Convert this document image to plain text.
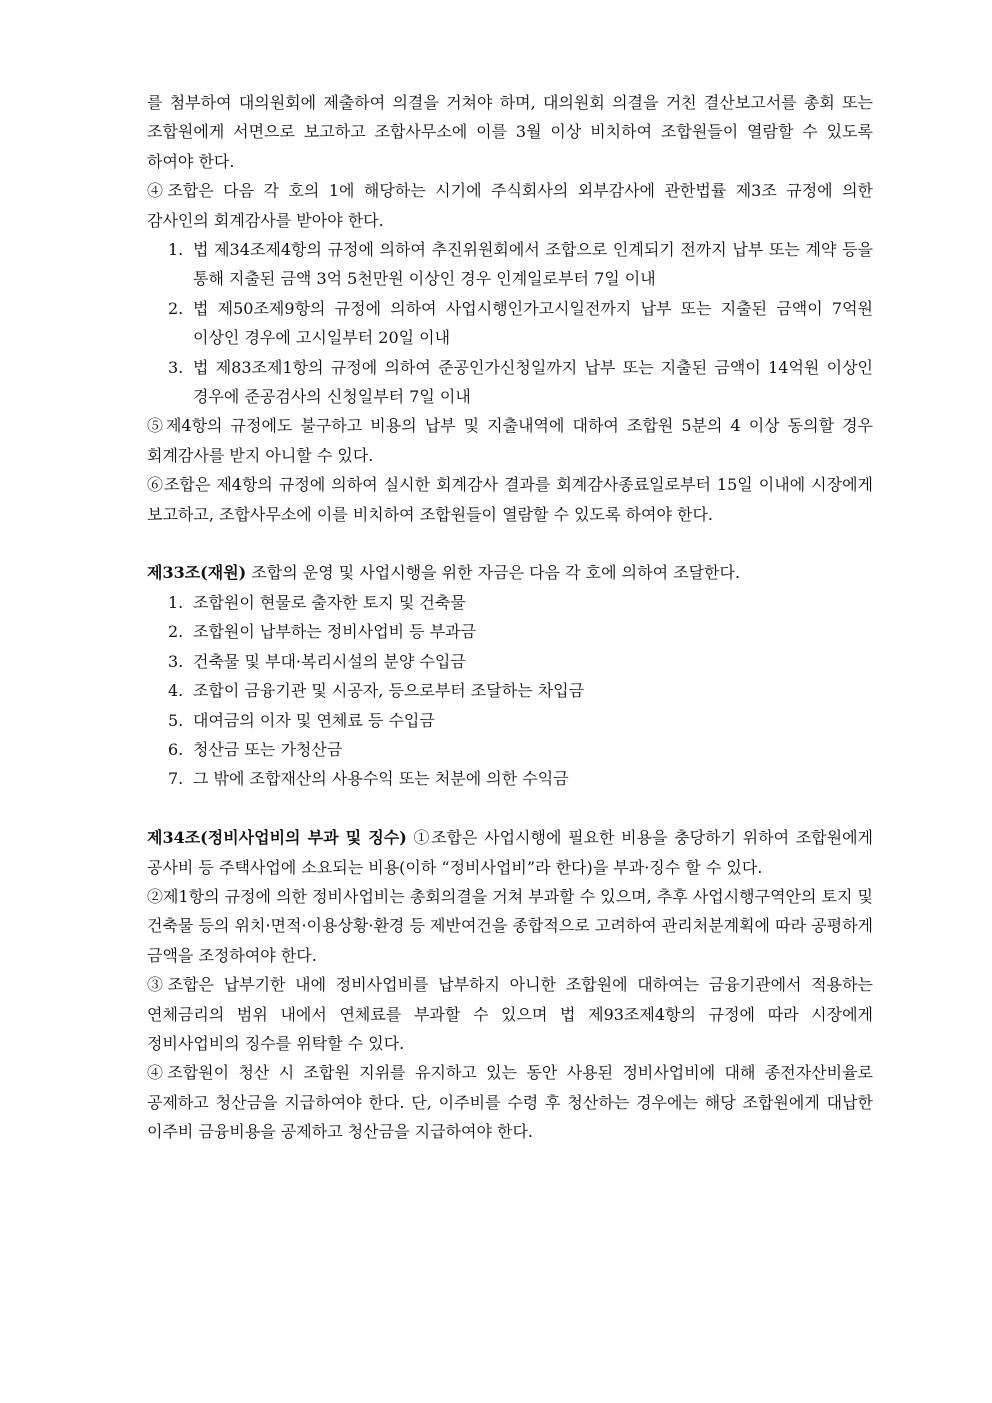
를 첨부하여 대의원회에 제출하여 의결을 거쳐야 하며, 대의원회 의결을 거친 결산보고서를 총회 또는 조합원에게 서면으로 보고하고 조합사무소에 이를 3월 이상 비치하여 조합원들이 열람할 수 있도록 하여야 한다.

④조합은 다음 각 호의 1에 해당하는 시기에 주식회사의 외부감사에 관한법률 제3조 규정에 의한 감사인의 회계감사를 받아야 한다.

1. 법 제34조제4항의 규정에 의하여 추진위원회에서 조합으로 인계되기 전까지 납부 또는 계약 등을 통해 지출된 금액 3억 5천만원 이상인 경우 인계일로부터 7일 이내
2. 법 제50조제9항의 규정에 의하여 사업시행인가고시일전까지 납부 또는 지출된 금액이 7억원 이상인 경우에 고시일부터 20일 이내
3. 법 제83조제1항의 규정에 의하여 준공인가신청일까지 납부 또는 지출된 금액이 14억원 이상인 경우에 준공검사의 신청일부터 7일 이내

⑤제4항의 규정에도 불구하고 비용의 납부 및 지출내역에 대하여 조합원 5분의 4 이상 동의할 경우 회계감사를 받지 아니할 수 있다.

⑥조합은 제4항의 규정에 의하여 실시한 회계감사 결과를 회계감사종료일로부터 15일 이내에 시장에게 보고하고, 조합사무소에 이를 비치하여 조합원들이 열람할 수 있도록 하여야 한다.

제33조(재원) 조합의 운영 및 사업시행을 위한 자금은 다음 각 호에 의하여 조달한다.

1. 조합원이 현물로 출자한 토지 및 건축물
2. 조합원이 납부하는 정비사업비 등 부과금
3. 건축물 및 부대·복리시설의 분양 수입금
4. 조합이 금융기관 및 시공자, 등으로부터 조달하는 차입금
5. 대여금의 이자 및 연체료 등 수입금
6. 청산금 또는 가청산금
7. 그 밖에 조합재산의 사용수익 또는 처분에 의한 수익금

제34조(정비사업비의 부과 및 징수) ①조합은 사업시행에 필요한 비용을 충당하기 위하여 조합원에게 공사비 등 주택사업에 소요되는 비용(이하 “정비사업비”라 한다)을 부과·징수 할 수 있다.

②제1항의 규정에 의한 정비사업비는 총회의결을 거쳐 부과할 수 있으며, 추후 사업시행구역안의 토지 및 건축물 등의 위치·면적·이용상황·환경 등 제반여건을 종합적으로 고려하여 관리처분계획에 따라 공평하게 금액을 조정하여야 한다.

③조합은 납부기한 내에 정비사업비를 납부하지 아니한 조합원에 대하여는 금융기관에서 적용하는 연체금리의 범위 내에서 연체료를 부과할 수 있으며 법 제93조제4항의 규정에 따라 시장에게 정비사업비의 징수를 위탁할 수 있다.

④조합원이 청산 시 조합원 지위를 유지하고 있는 동안 사용된 정비사업비에 대해 종전자산비율로 공제하고 청산금을 지급하여야 한다. 단, 이주비를 수령 후 청산하는 경우에는 해당 조합원에게 대납한 이주비 금융비용을 공제하고 청산금을 지급하여야 한다.
